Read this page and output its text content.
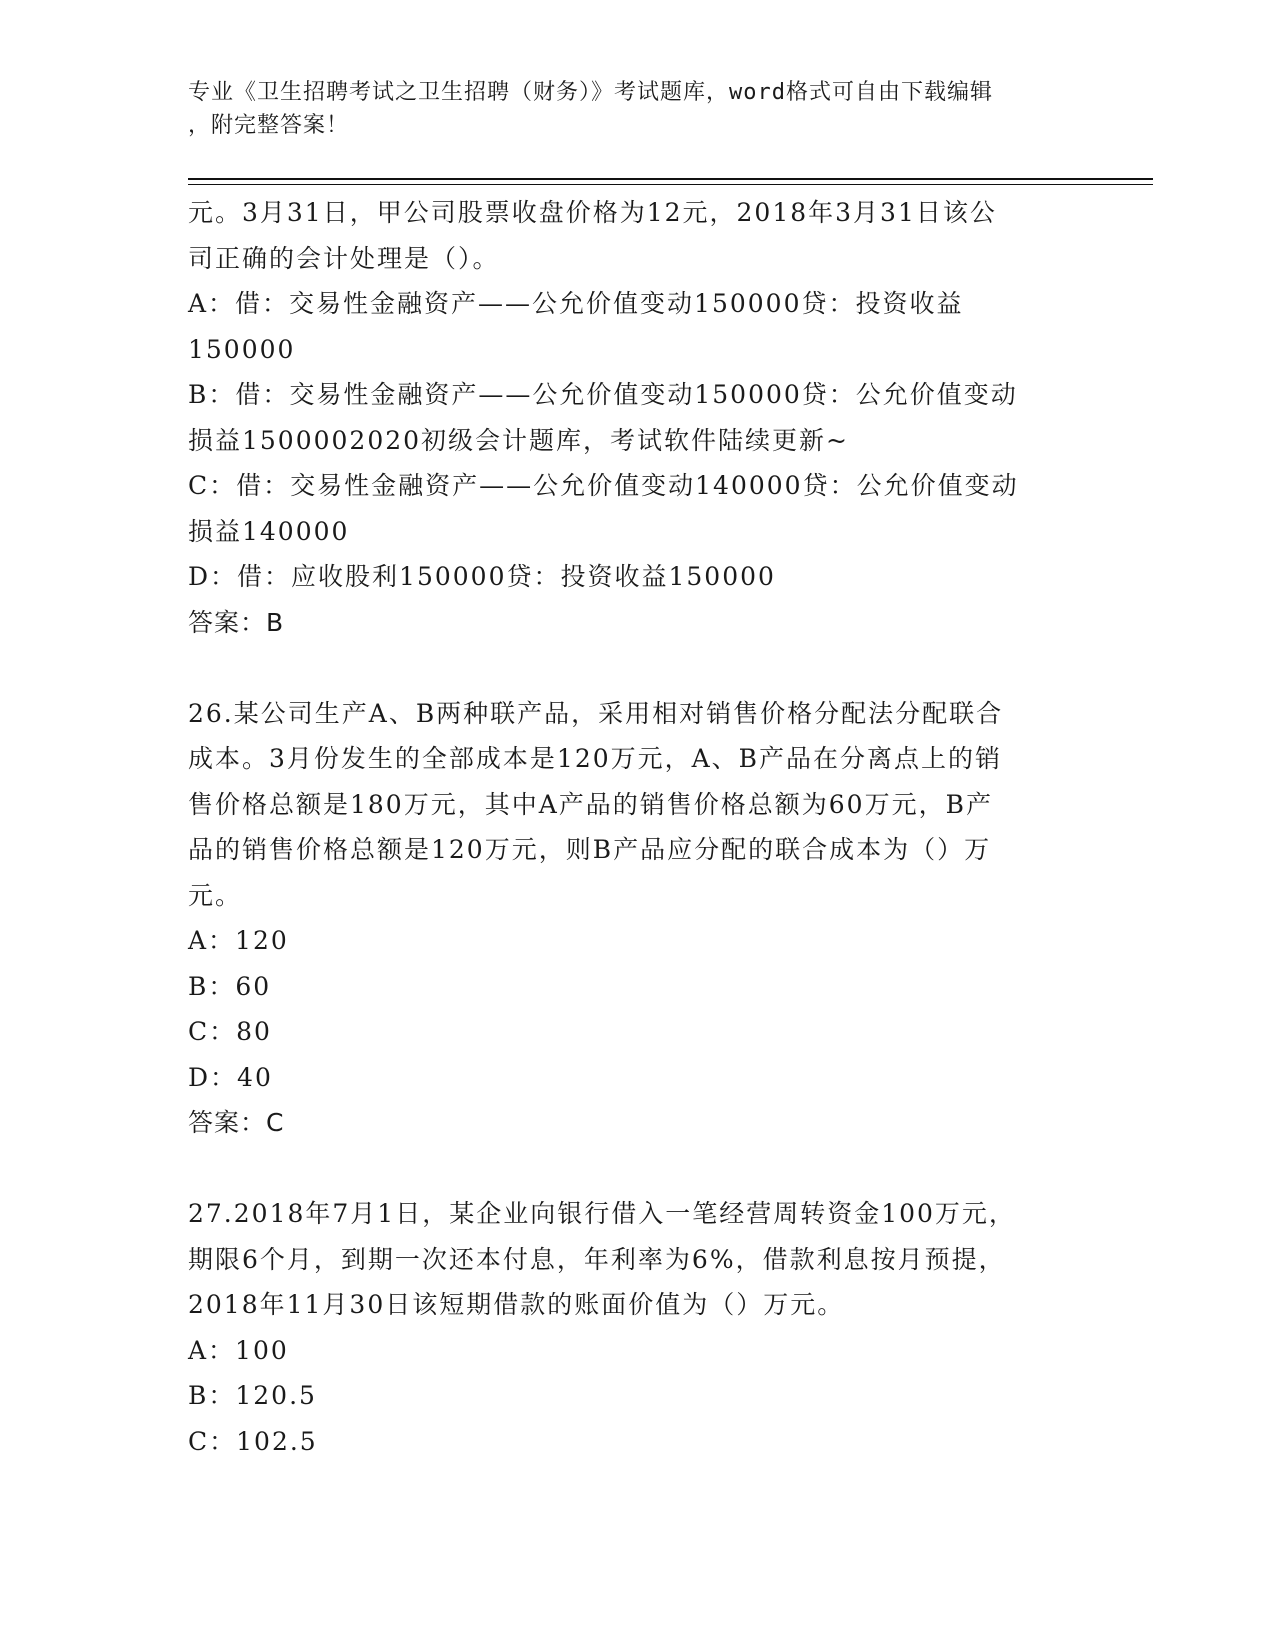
专业《卫生招聘考试之卫生招聘（财务）》考试题库，word格式可自由下载编辑
，附完整答案！
元。3月31日，甲公司股票收盘价格为12元，2018年3月31日该公
司正确的会计处理是（）。
A：借：交易性金融资产——公允价值变动150000贷：投资收益
150000
B：借：交易性金融资产——公允价值变动150000贷：公允价值变动
损益1500002020初级会计题库，考试软件陆续更新~
C：借：交易性金融资产——公允价值变动140000贷：公允价值变动
损益140000
D：借：应收股利150000贷：投资收益150000
答案：B
26.某公司生产A、B两种联产品，采用相对销售价格分配法分配联合
成本。3月份发生的全部成本是120万元，A、B产品在分离点上的销
售价格总额是180万元，其中A产品的销售价格总额为60万元，B产
品的销售价格总额是120万元，则B产品应分配的联合成本为（）万
元。
A：120
B：60
C：80
D：40
答案：C
27.2018年7月1日，某企业向银行借入一笔经营周转资金100万元，
期限6个月，到期一次还本付息，年利率为6%，借款利息按月预提，
2018年11月30日该短期借款的账面价值为（）万元。
A：100
B：120.5
C：102.5
